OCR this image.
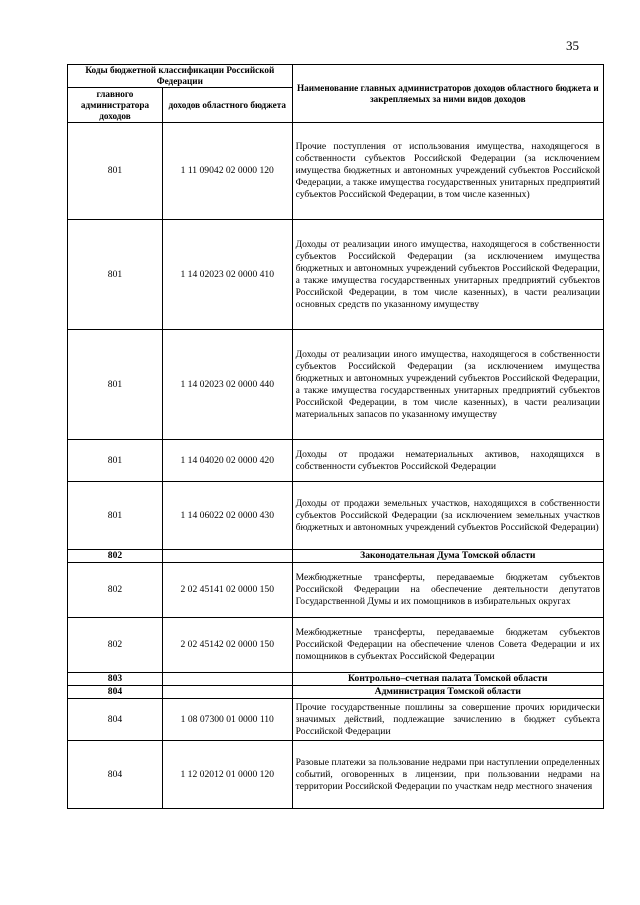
35
Коды бюджетной классификации Российской Федерации		Наименование главных администраторов доходов областного бюджета и закрепляемых за ними видов доходов
главного администратора доходов	доходов областного бюджета	
801	1 11 09042 02 0000 120	Прочие поступления от использования имущества, находящегося в собственности субъектов Российской Федерации (за исключением имущества бюджетных и автономных учреждений субъектов Российской Федерации, а также имущества государственных унитарных предприятий субъектов Российской Федерации, в том числе казенных)
801	1 14 02023 02 0000 410	Доходы от реализации иного имущества, находящегося в собственности субъектов Российской Федерации (за исключением имущества бюджетных и автономных учреждений субъектов Российской Федерации, а также имущества государственных унитарных предприятий субъектов Российской Федерации, в том числе казенных), в части реализации основных средств по указанному имуществу
801	1 14 02023 02 0000 440	Доходы от реализации иного имущества, находящегося в собственности субъектов Российской Федерации (за исключением имущества бюджетных и автономных учреждений субъектов Российской Федерации, а также имущества государственных унитарных предприятий субъектов Российской Федерации, в том числе казенных), в части реализации материальных запасов по указанному имуществу
801	1 14 04020 02 0000 420	Доходы от продажи нематериальных активов, находящихся в собственности субъектов Российской Федерации
801	1 14 06022 02 0000 430	Доходы от продажи земельных участков, находящихся в собственности субъектов Российской Федерации (за исключением земельных участков бюджетных и автономных учреждений субъектов Российской Федерации)
802		Законодательная Дума Томской области
802	2 02 45141 02 0000 150	Межбюджетные трансферты, передаваемые бюджетам субъектов Российской Федерации на обеспечение деятельности депутатов Государственной Думы и их помощников в избирательных округах
802	2 02 45142 02 0000 150	Межбюджетные трансферты, передаваемые бюджетам субъектов Российской Федерации на обеспечение членов Совета Федерации и их помощников в субъектах Российской Федерации
803		Контрольно–счетная палата Томской области
804		Администрация Томской области
804	1 08 07300 01 0000 110	Прочие государственные пошлины за совершение прочих юридически значимых действий, подлежащие зачислению в бюджет субъекта Российской Федерации
804	1 12 02012 01 0000 120	Разовые платежи за пользование недрами при наступлении определенных событий, оговоренных в лицензии, при пользовании недрами на территории Российской Федерации по участкам недр местного значения
